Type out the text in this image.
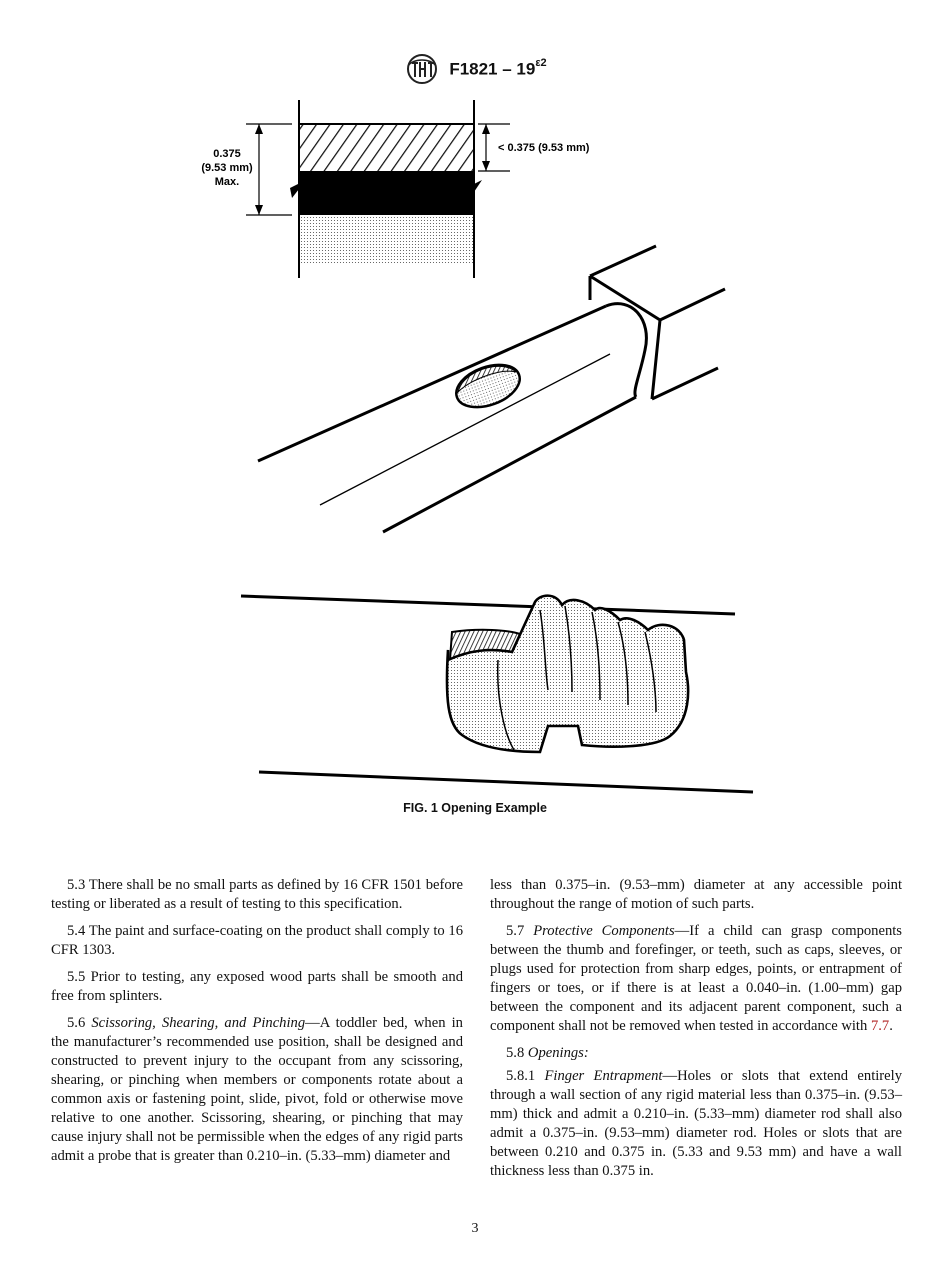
$F1821 - 19^{\varepsilon 2}$
0.375
(9.53 mm)
Max.
< 0.375 (9.53 mm)
FIG. 1 Opening Example

5.3 There shall be no small parts as defined by 16 CFR 1501 before testing or liberated as a result of testing to this specification.

5.4 The paint and surface-coating on the product shall comply to 16 CFR 1303.

5.5 Prior to testing, any exposed wood parts shall be smooth and free from splinters.

5.6 Scissoring, Shearing, and Pinching—A toddler bed, when in the manufacturer’s recommended use position, shall be designed and constructed to prevent injury to the occupant from any scissoring, shearing, or pinching when members or components rotate about a common axis or fastening point, slide, pivot, fold or otherwise move relative to one another. Scissoring, shearing, or pinching that may cause injury shall not be permissible when the edges of any rigid parts admit a probe that is greater than 0.210–in. (5.33–mm) diameter and

less than 0.375–in. (9.53–mm) diameter at any accessible point throughout the range of motion of such parts.

5.7 Protective Components—If a child can grasp components between the thumb and forefinger, or teeth, such as caps, sleeves, or plugs used for protection from sharp edges, points, or entrapment of fingers or toes, or if there is at least a 0.040–in. (1.00–mm) gap between the component and its adjacent parent component, such a component shall not be removed when tested in accordance with 7.7.

5.8 Openings:

5.8.1 Finger Entrapment—Holes or slots that extend entirely through a wall section of any rigid material less than 0.375–in. (9.53–mm) thick and admit a 0.210–in. (5.33–mm) diameter rod shall also admit a 0.375–in. (9.53–mm) diameter rod. Holes or slots that are between 0.210 and 0.375 in. (5.33 and 9.53 mm) and have a wall thickness less than 0.375 in.

3
